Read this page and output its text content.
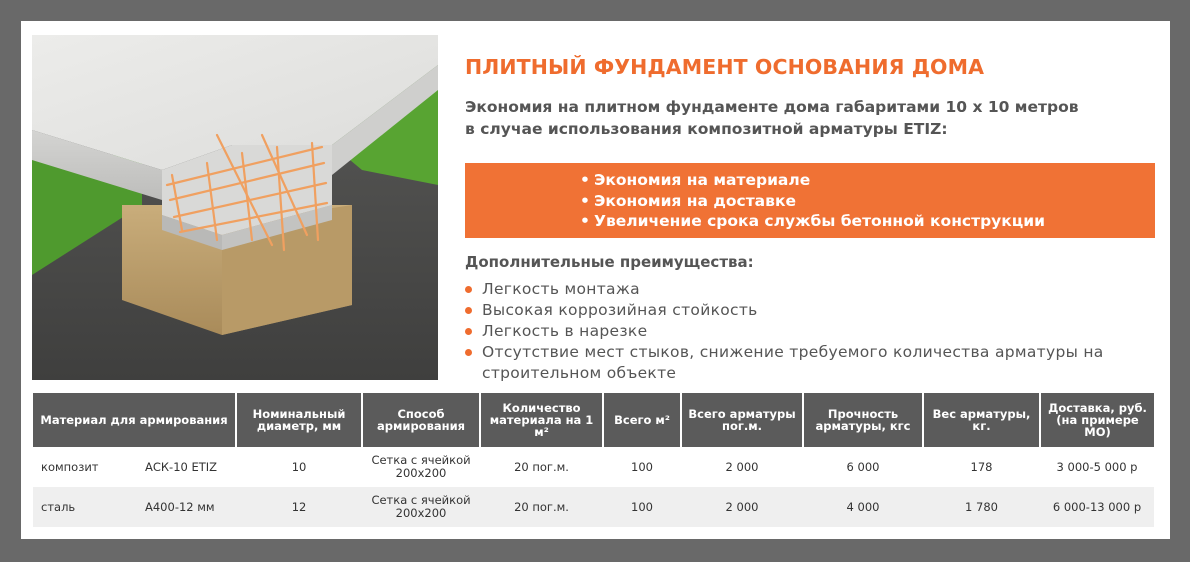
ПЛИТНЫЙ ФУНДАМЕНТ ОСНОВАНИЯ ДОМА
Экономия на плитном фундаменте дома габаритами 10 х 10 метров
в случае использования композитной арматуры ETIZ:
• Экономия на материале
• Экономия на доставке
• Увеличение срока службы бетонной конструкции
Дополнительные преимущества:
Легкость монтажа
Высокая коррозийная стойкость
Легкость в нарезке
Отсутствие мест стыков, снижение требуемого количества арматуры на строительном объекте
Материал для армирования		Номинальный диаметр, мм	Способ армирования	Количество материала на 1 м²	Всего м²	Всего арматуры пог.м.	Прочность арматуры, кгс	Вес арматуры, кг.	Доставка, руб. (на примере МО)
композит	АСК-10 ETIZ	10	Сетка с ячейкой 200x200	20 пог.м.	100	2 000	6 000	178	3 000-5 000 р
сталь	А400-12 мм	12	Сетка с ячейкой 200x200	20 пог.м.	100	2 000	4 000	1 780	6 000-13 000 р
